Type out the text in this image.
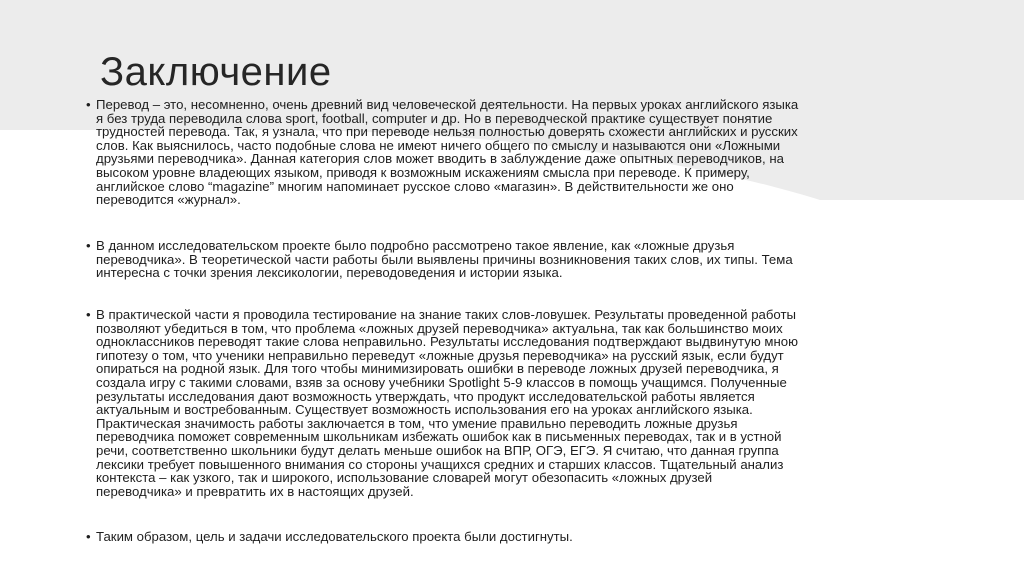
Заключение
• Перевод – это, несомненно, очень древний вид человеческой деятельности. На первых уроках английского языка
я без труда переводила слова sport, football, computer и др. Но в переводческой практике существует понятие
трудностей перевода. Так, я узнала, что при переводе нельзя полностью доверять схожести английских и русских
слов. Как выяснилось, часто подобные слова не имеют ничего общего по смыслу и называются они «Ложными
друзьями переводчика». Данная категория слов может вводить в заблуждение даже опытных переводчиков, на
высоком уровне владеющих языком, приводя к возможным искажениям смысла при переводе. К примеру,
английское слово “magazine” многим напоминает русское слово «магазин». В действительности же оно
переводится «журнал».
• В данном исследовательском проекте было подробно рассмотрено такое явление, как «ложные друзья
переводчика». В теоретической части работы были выявлены причины возникновения таких слов, их типы. Тема
интересна с точки зрения лексикологии, переводоведения и истории языка.
• В практической части я проводила тестирование на знание таких слов-ловушек. Результаты проведенной работы
позволяют убедиться в том, что проблема «ложных друзей переводчика» актуальна, так как большинство моих
одноклассников переводят такие слова неправильно. Результаты исследования подтверждают выдвинутую мною
гипотезу о том, что ученики неправильно переведут «ложные друзья переводчика» на русский язык, если будут
опираться на родной язык. Для того чтобы минимизировать ошибки в переводе ложных друзей переводчика, я
создала игру с такими словами, взяв за основу учебники Spotlight 5-9 классов в помощь учащимся. Полученные
результаты исследования дают возможность утверждать, что продукт исследовательской работы является
актуальным и востребованным. Существует возможность использования его на уроках английского языка.
Практическая значимость работы заключается в том, что умение правильно переводить ложные друзья
переводчика поможет современным школьникам избежать ошибок как в письменных переводах, так и в устной
речи, соответственно школьники будут делать меньше ошибок на ВПР, ОГЭ, ЕГЭ. Я считаю, что данная группа
лексики требует повышенного внимания со стороны учащихся средних и старших классов. Тщательный анализ
контекста – как узкого, так и широкого, использование словарей могут обезопасить «ложных друзей
переводчика» и превратить их в настоящих друзей.
• Таким образом, цель и задачи исследовательского проекта были достигнуты.
